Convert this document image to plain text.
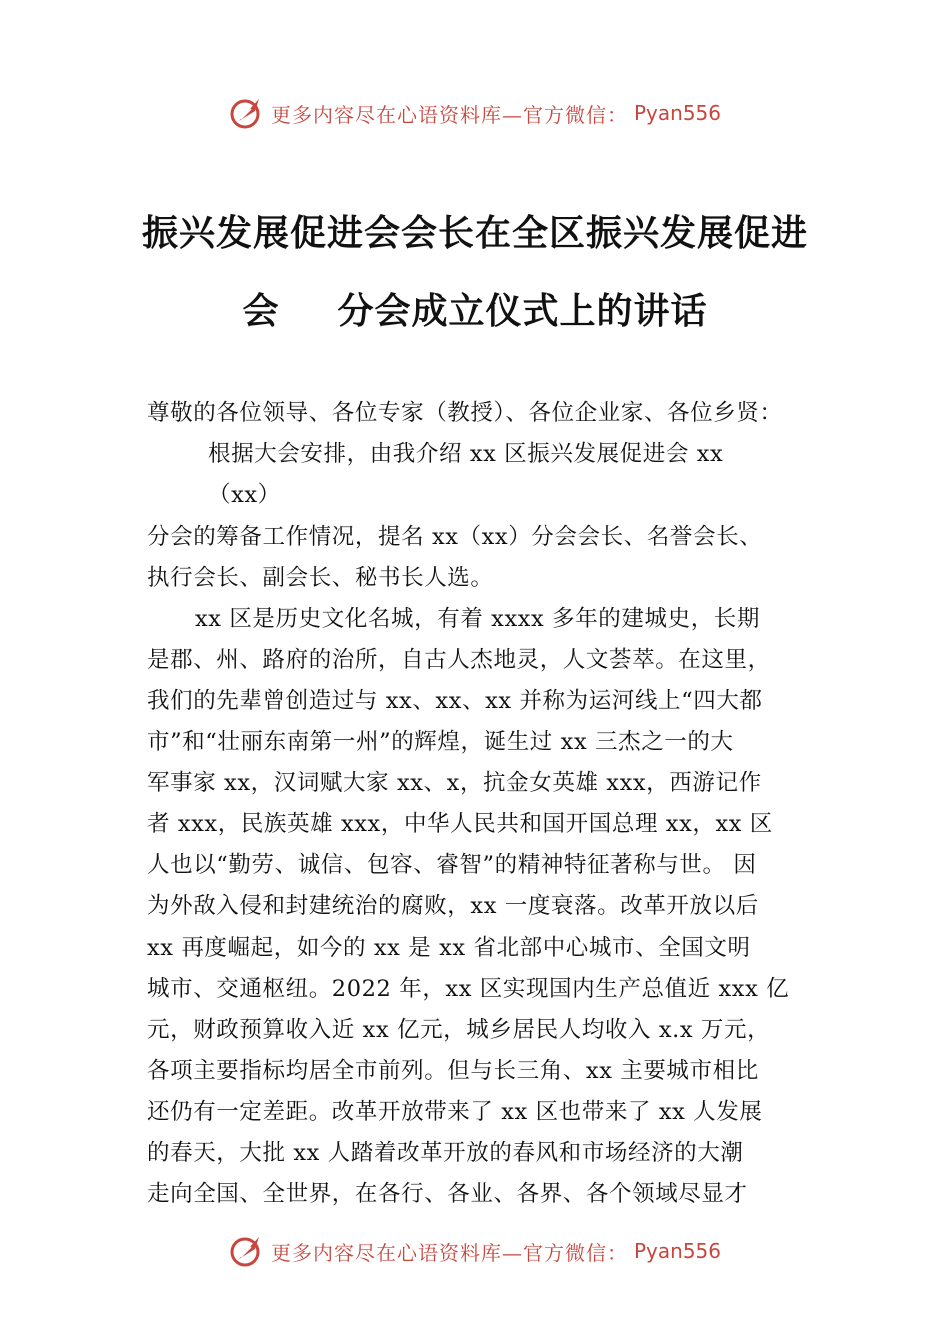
更多内容尽在心语资料库—官方微信： Pyan556
振兴发展促进会会长在全区振兴发展促进
会 分会成立仪式上的讲话
尊敬的各位领导、各位专家（教授）、各位企业家、各位乡贤：
根据大会安排，由我介绍 xx 区振兴发展促进会 xx
（xx）
分会的筹备工作情况，提名 xx（xx）分会会长、名誉会长、
执行会长、副会长、秘书长人选。
xx 区是历史文化名城，有着 xxxx 多年的建城史，长期
是郡、州、路府的治所，自古人杰地灵，人文荟萃。在这里，
我们的先辈曾创造过与 xx、xx、xx 并称为运河线上“四大都
市”和“壮丽东南第一州”的辉煌，诞生过 xx 三杰之一的大
军事家 xx，汉词赋大家 xx、x，抗金女英雄 xxx，西游记作
者 xxx，民族英雄 xxx，中华人民共和国开国总理 xx，xx 区
人也以“勤劳、诚信、包容、睿智”的精神特征著称与世。 因
为外敌入侵和封建统治的腐败，xx 一度衰落。改革开放以后
xx 再度崛起，如今的 xx 是 xx 省北部中心城市、全国文明
城市、交通枢纽。2022 年，xx 区实现国内生产总值近 xxx 亿
元，财政预算收入近 xx 亿元，城乡居民人均收入 x.x 万元，
各项主要指标均居全市前列。但与长三角、xx 主要城市相比
还仍有一定差距。改革开放带来了 xx 区也带来了 xx 人发展
的春天，大批 xx 人踏着改革开放的春风和市场经济的大潮
走向全国、全世界，在各行、各业、各界、各个领域尽显才
更多内容尽在心语资料库—官方微信： Pyan556
